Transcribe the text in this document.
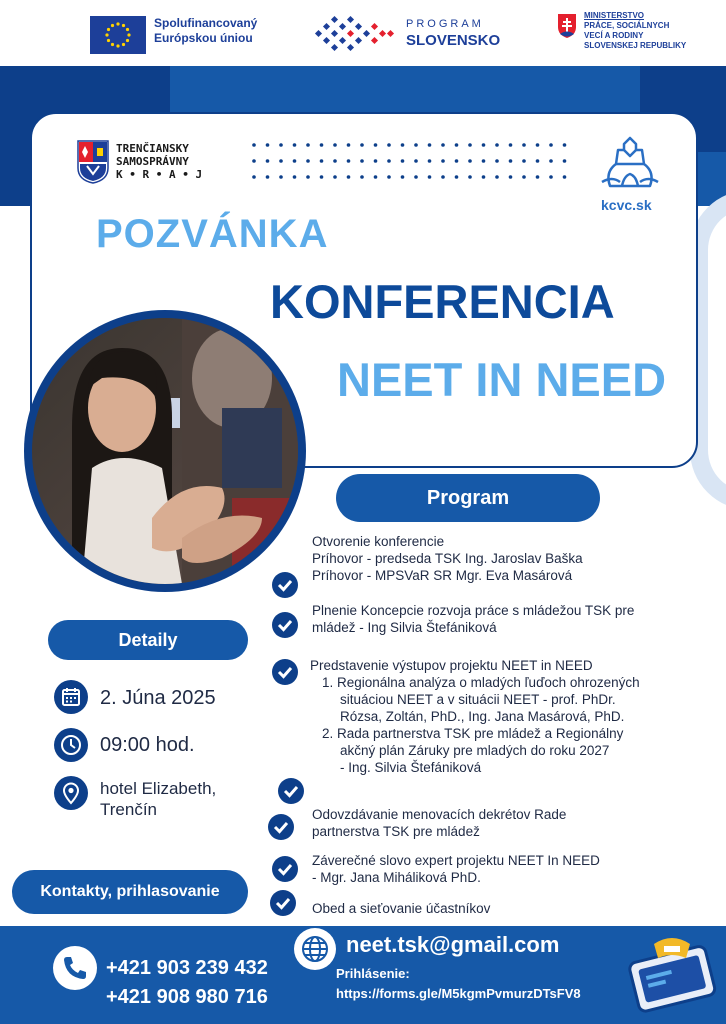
Spolufinancovaný
Európskou úniou
PROGRAM
SLOVENSKO
MINISTERSTVO
PRÁCE, SOCIÁLNYCH
VECÍ A RODINY
SLOVENSKEJ REPUBLIKY
TRENČIANSKY
SAMOSPRÁVNY
K • R • A • J
kcvc.sk
POZVÁNKA
KONFERENCIA
NEET IN NEED
Program
Detaily
Kontakty, prihlasovanie
Otvorenie konferencie
Príhovor - predseda TSK Ing. Jaroslav Baška
Príhovor - MPSVaR SR Mgr. Eva Masárová
Plnenie Koncepcie rozvoja práce s mládežou TSK pre
mládež - Ing Silvia Štefániková
Predstavenie výstupov projektu NEET in NEED
1. Regionálna analýza o mladých ľuďoch ohrozených
situáciou NEET a v situácii NEET - prof. PhDr.
Rózsa, Zoltán, PhD., Ing. Jana Masárová, PhD.
2. Rada partnerstva TSK pre mládež a Regionálny
akčný plán Záruky pre mladých do roku 2027
- Ing. Silvia Štefániková
Odovzdávanie menovacích dekrétov Rade
partnerstva TSK pre mládež
Záverečné slovo expert projektu NEET In NEED
- Mgr. Jana Miháliková PhD.
Obed a sieťovanie účastníkov
2. Júna 2025
09:00 hod.
hotel Elizabeth,
Trenčín
+421 903 239 432
+421 908 980 716
neet.tsk@gmail.com
Prihlásenie:
https://forms.gle/M5kgmPvmurzDTsFV8
